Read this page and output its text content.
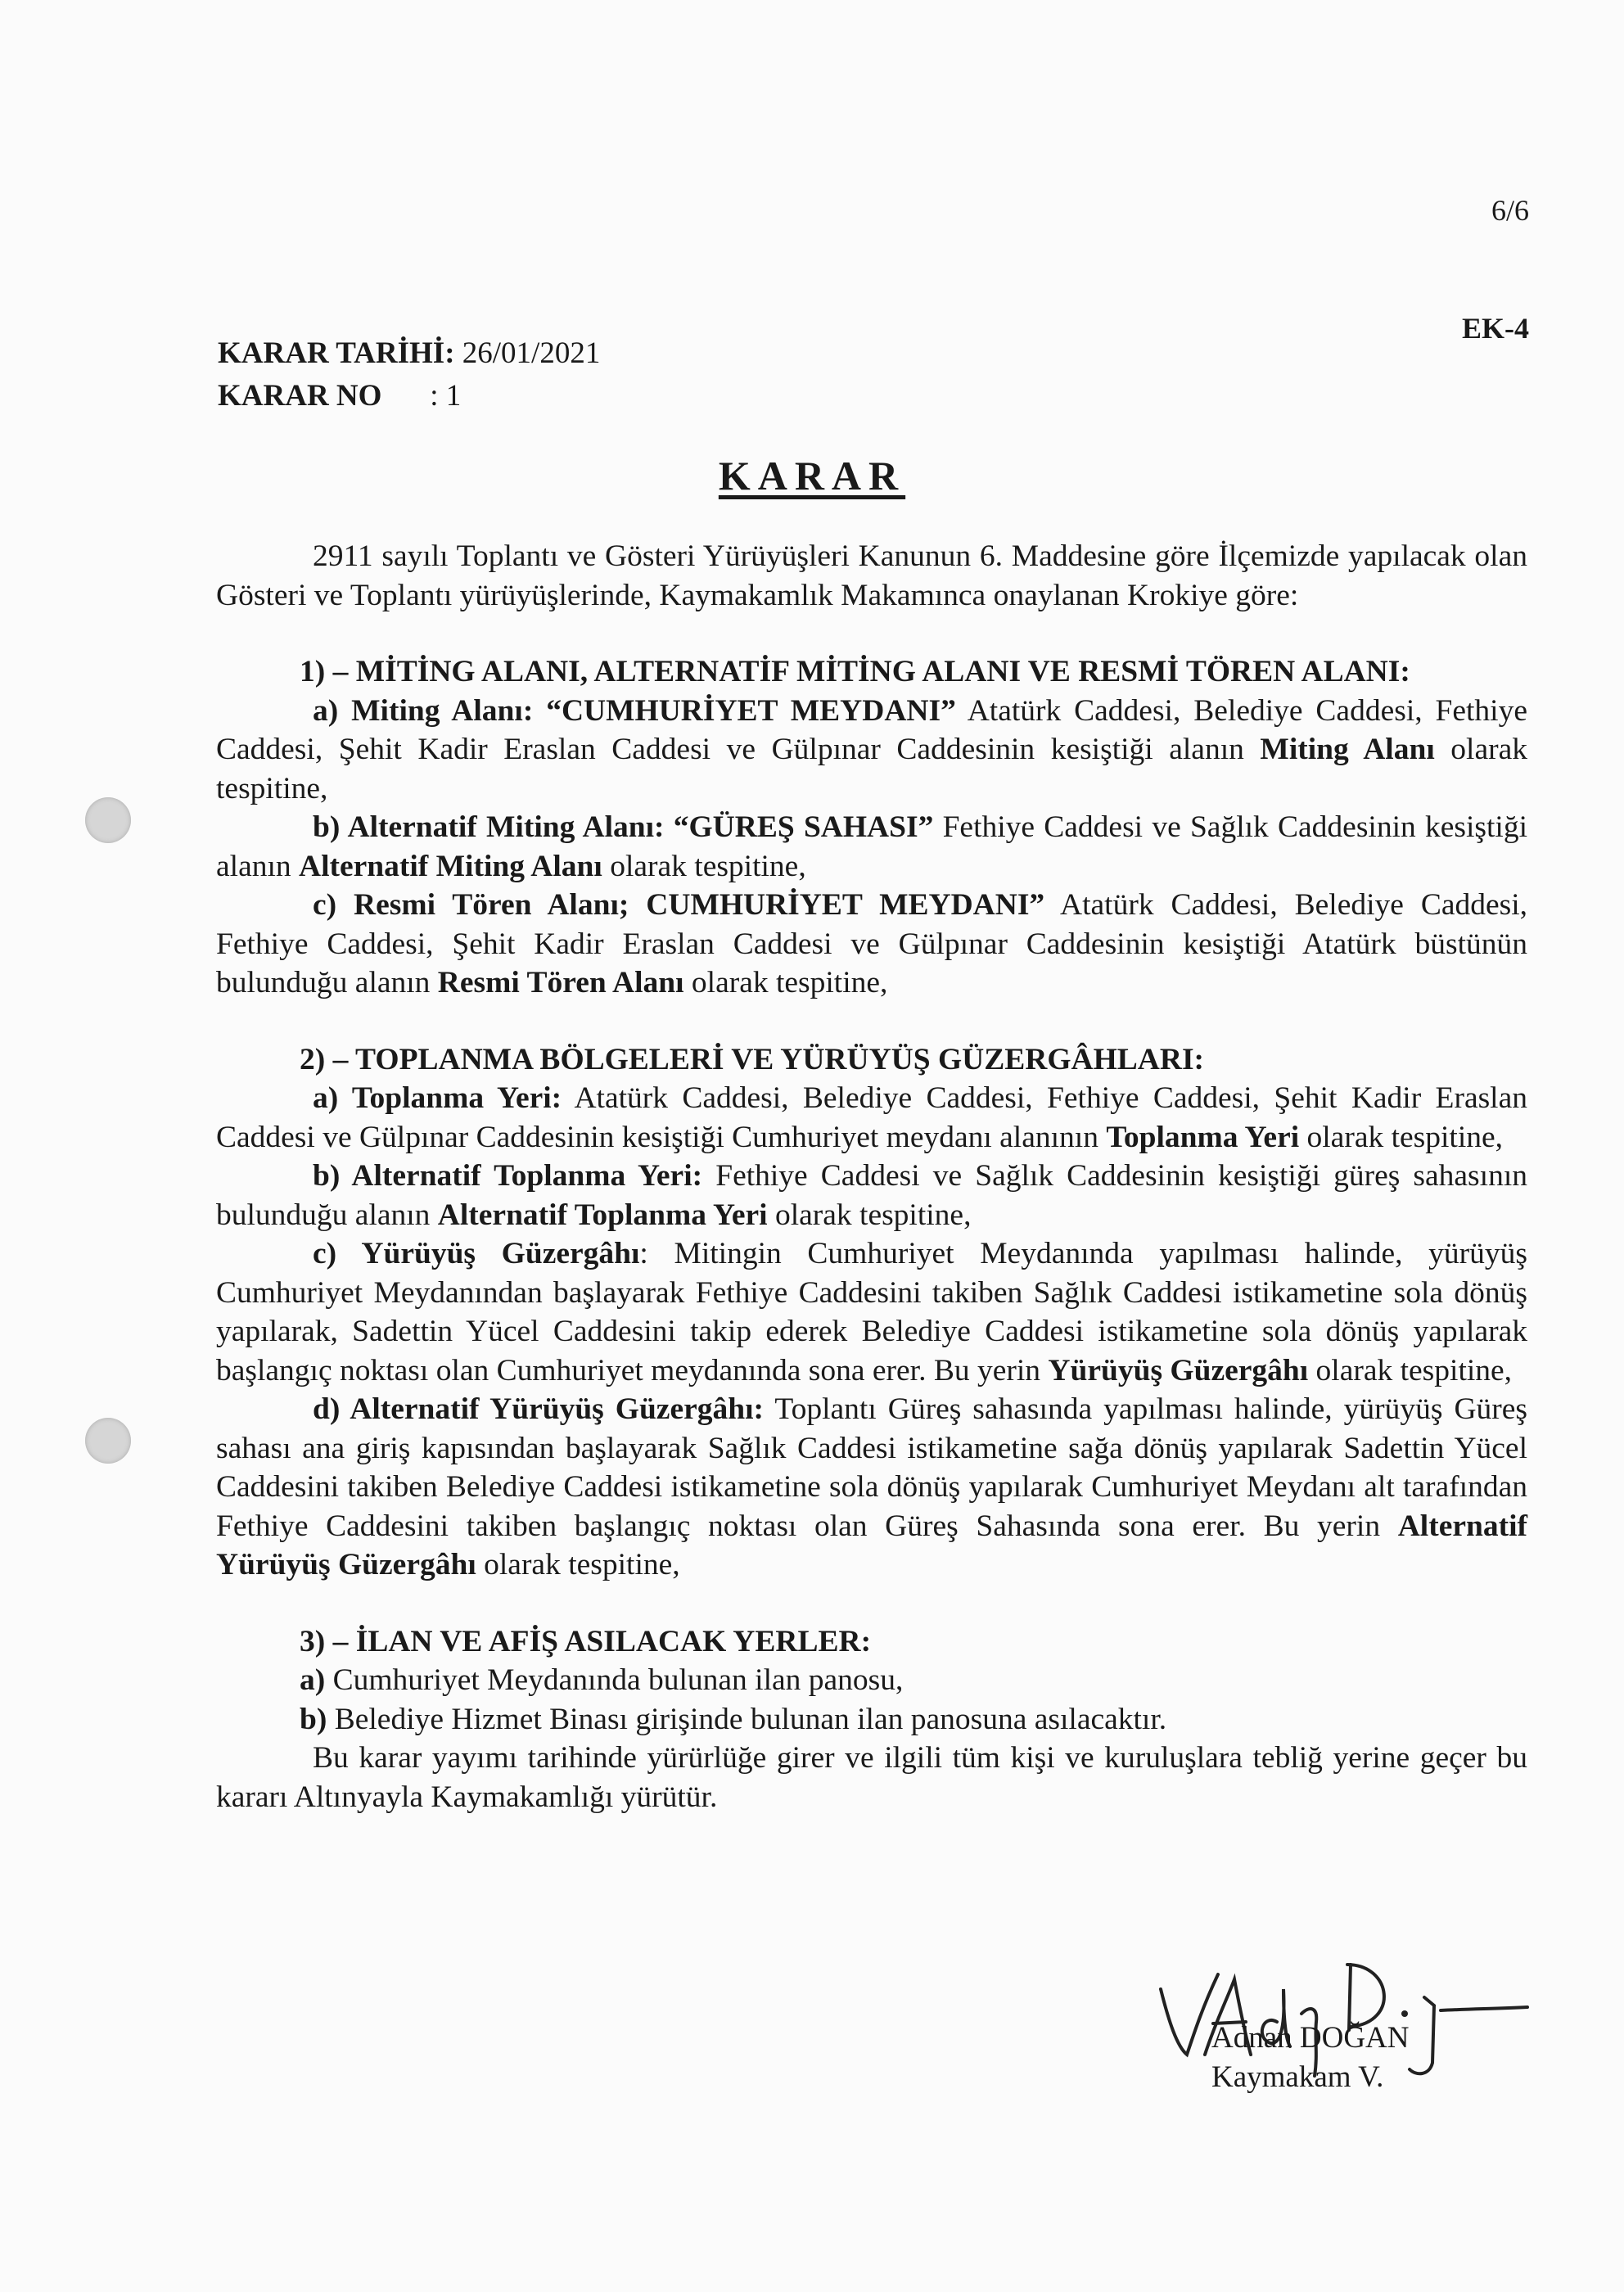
6/6
EK-4
KARAR TARİHİ: 26/01/2021
KARAR NO : 1
KARAR

2911 sayılı Toplantı ve Gösteri Yürüyüşleri Kanunun 6. Maddesine göre İlçemizde yapılacak olan Gösteri ve Toplantı yürüyüşlerinde, Kaymakamlık Makamınca onaylanan Krokiye göre:

1) – MİTİNG ALANI, ALTERNATİF MİTİNG ALANI VE RESMİ TÖREN ALANI:

a) Miting Alanı: “CUMHURİYET MEYDANI” Atatürk Caddesi, Belediye Caddesi, Fethiye Caddesi, Şehit Kadir Eraslan Caddesi ve Gülpınar Caddesinin kesiştiği alanın Miting Alanı olarak tespitine,

b) Alternatif Miting Alanı: “GÜREŞ SAHASI” Fethiye Caddesi ve Sağlık Caddesinin kesiştiği alanın Alternatif Miting Alanı olarak tespitine,

c) Resmi Tören Alanı; CUMHURİYET MEYDANI” Atatürk Caddesi, Belediye Caddesi, Fethiye Caddesi, Şehit Kadir Eraslan Caddesi ve Gülpınar Caddesinin kesiştiği Atatürk büstünün bulunduğu alanın Resmi Tören Alanı olarak tespitine,

2) – TOPLANMA BÖLGELERİ VE YÜRÜYÜŞ GÜZERGÂHLARI:

a) Toplanma Yeri: Atatürk Caddesi, Belediye Caddesi, Fethiye Caddesi, Şehit Kadir Eraslan Caddesi ve Gülpınar Caddesinin kesiştiği Cumhuriyet meydanı alanının Toplanma Yeri olarak tespitine,

b) Alternatif Toplanma Yeri: Fethiye Caddesi ve Sağlık Caddesinin kesiştiği güreş sahasının bulunduğu alanın Alternatif Toplanma Yeri olarak tespitine,

c) Yürüyüş Güzergâhı: Mitingin Cumhuriyet Meydanında yapılması halinde, yürüyüş Cumhuriyet Meydanından başlayarak Fethiye Caddesini takiben Sağlık Caddesi istikametine sola dönüş yapılarak, Sadettin Yücel Caddesini takip ederek Belediye Caddesi istikametine sola dönüş yapılarak başlangıç noktası olan Cumhuriyet meydanında sona erer. Bu yerin Yürüyüş Güzergâhı olarak tespitine,

d) Alternatif Yürüyüş Güzergâhı: Toplantı Güreş sahasında yapılması halinde, yürüyüş Güreş sahası ana giriş kapısından başlayarak Sağlık Caddesi istikametine sağa dönüş yapılarak Sadettin Yücel Caddesini takiben Belediye Caddesi istikametine sola dönüş yapılarak Cumhuriyet Meydanı alt tarafından Fethiye Caddesini takiben başlangıç noktası olan Güreş Sahasında sona erer. Bu yerin Alternatif Yürüyüş Güzergâhı olarak tespitine,

3) – İLAN VE AFİŞ ASILACAK YERLER:

a) Cumhuriyet Meydanında bulunan ilan panosu,

b) Belediye Hizmet Binası girişinde bulunan ilan panosuna asılacaktır.

Bu karar yayımı tarihinde yürürlüğe girer ve ilgili tüm kişi ve kuruluşlara tebliğ yerine geçer bu kararı Altınyayla Kaymakamlığı yürütür.

Adnan DOĞAN
Kaymakam V.
